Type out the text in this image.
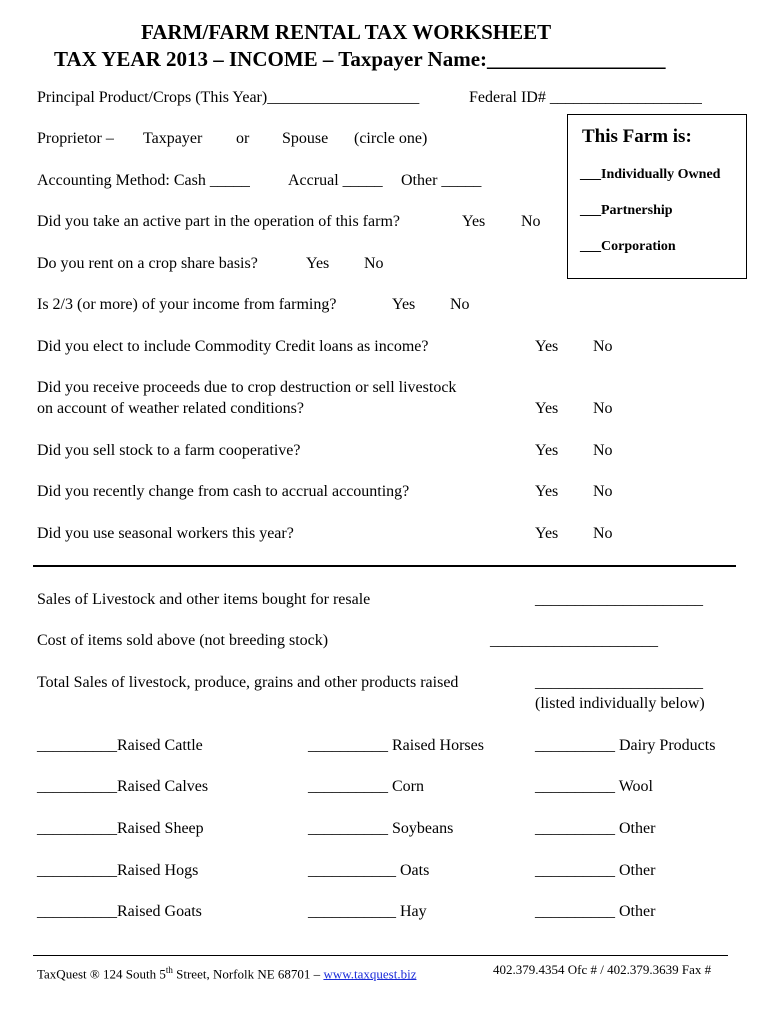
FARM/FARM RENTAL TAX WORKSHEET
TAX YEAR 2013 – INCOME – Taxpayer Name:_________________
Principal Product/Crops (This Year)___________________	Federal ID# ___________________
Proprietor – Taxpayer or Spouse (circle one)
Accounting Method: Cash _____ Accrual _____ Other _____
This Farm is:
___Individually Owned
___Partnership
___Corporation
Did you take an active part in the operation of this farm?	Yes No
Do you rent on a crop share basis?	Yes No
Is 2/3 (or more) of your income from farming?	Yes No
Did you elect to include Commodity Credit loans as income?	Yes No
Did you receive proceeds due to crop destruction or sell livestock
on account of weather related conditions?	Yes No
Did you sell stock to a farm cooperative?	Yes No
Did you recently change from cash to accrual accounting?	Yes No
Did you use seasonal workers this year?	Yes No
Sales of Livestock and other items bought for resale	_____________________
Cost of items sold above (not breeding stock)	_____________________
Total Sales of livestock, produce, grains and other products raised	_____________________
(listed individually below)
__________Raised Cattle	__________ Raised Horses	__________ Dairy Products
__________Raised Calves	__________ Corn	__________ Wool
__________Raised Sheep	__________ Soybeans	__________ Other
__________Raised Hogs	___________ Oats	__________ Other
__________Raised Goats	___________ Hay	__________ Other
TaxQuest ® 124 South 5th Street, Norfolk NE 68701 – www.taxquest.biz	402.379.4354 Ofc # / 402.379.3639 Fax #
